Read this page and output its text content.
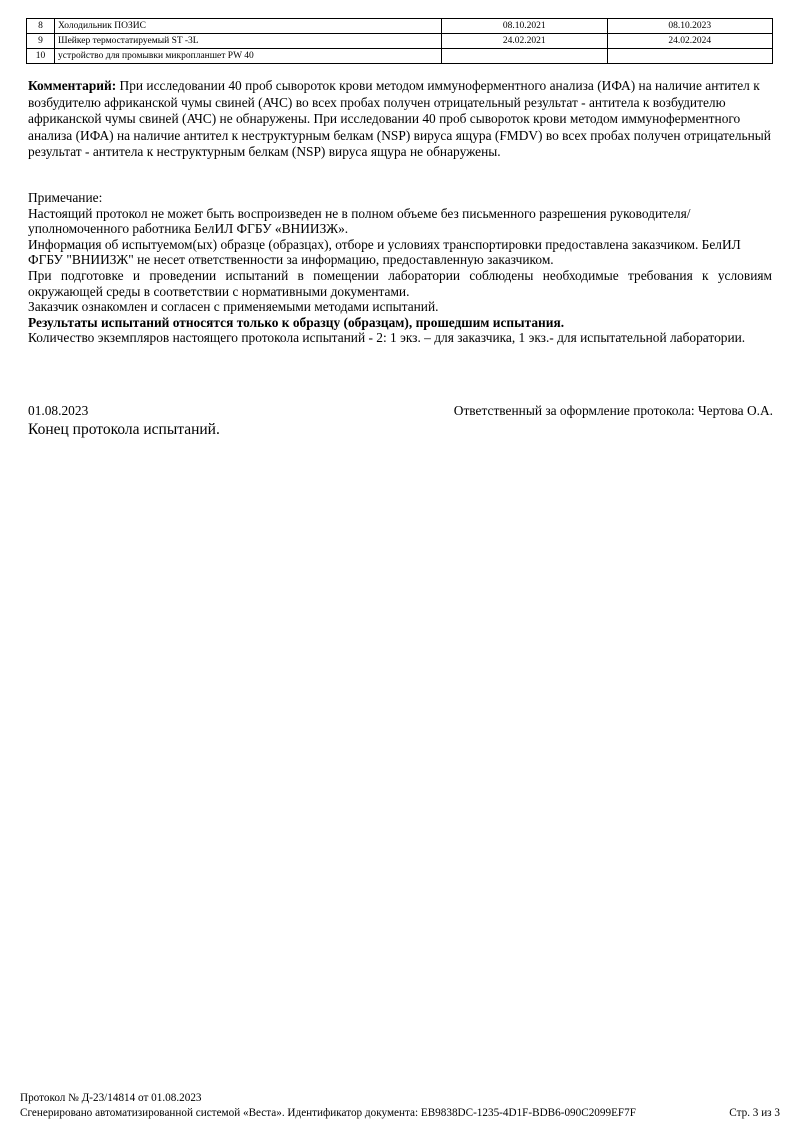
8	Холодильник ПОЗИС	08.10.2021	08.10.2023
9	Шейкер термостатируемый ST -3L	24.02.2021	24.02.2024
10	устройство для промывки микропланшет PW 40		
Комментарий: При исследовании 40 проб сывороток крови методом иммуноферментного анализа (ИФА) на наличие антител к возбудителю африканской чумы свиней (АЧС) во всех пробах получен отрицательный результат - антитела к возбудителю африканской чумы свиней (АЧС) не обнаружены. При исследовании 40 проб сывороток крови методом иммуноферментного анализа (ИФА) на наличие антител к неструктурным белкам (NSP) вируса ящура (FMDV) во всех пробах получен отрицательный результат - антитела к неструктурным белкам (NSP) вируса ящура не обнаружены.

Примечание:

Настоящий протокол не может быть воспроизведен не в полном объеме без письменного разрешения руководителя/уполномоченного работника БелИЛ ФГБУ «ВНИИЗЖ».

Информация об испытуемом(ых) образце (образцах), отборе и условиях транспортировки предоставлена заказчиком. БелИЛ ФГБУ "ВНИИЗЖ" не несет ответственности за информацию, предоставленную заказчиком.

При подготовке и проведении испытаний в помещении лаборатории соблюдены необходимые требования к условиям окружающей среды в соответствии с нормативными документами.

Заказчик ознакомлен и согласен с применяемыми методами испытаний.

Результаты испытаний относятся только к образцу (образцам), прошедшим испытания.

Количество экземпляров настоящего протокола испытаний - 2: 1 экз. – для заказчика, 1 экз.- для испытательной лаборатории.

01.08.2023	Ответственный за оформление протокола: Чертова О.А.
Конец протокола испытаний.
Протокол № Д-23/14814 от 01.08.2023
Сгенерировано автоматизированной системой «Веста». Идентификатор документа: EB9838DC-1235-4D1F-BDB6-090C2099EF7F	Стр. 3 из 3
